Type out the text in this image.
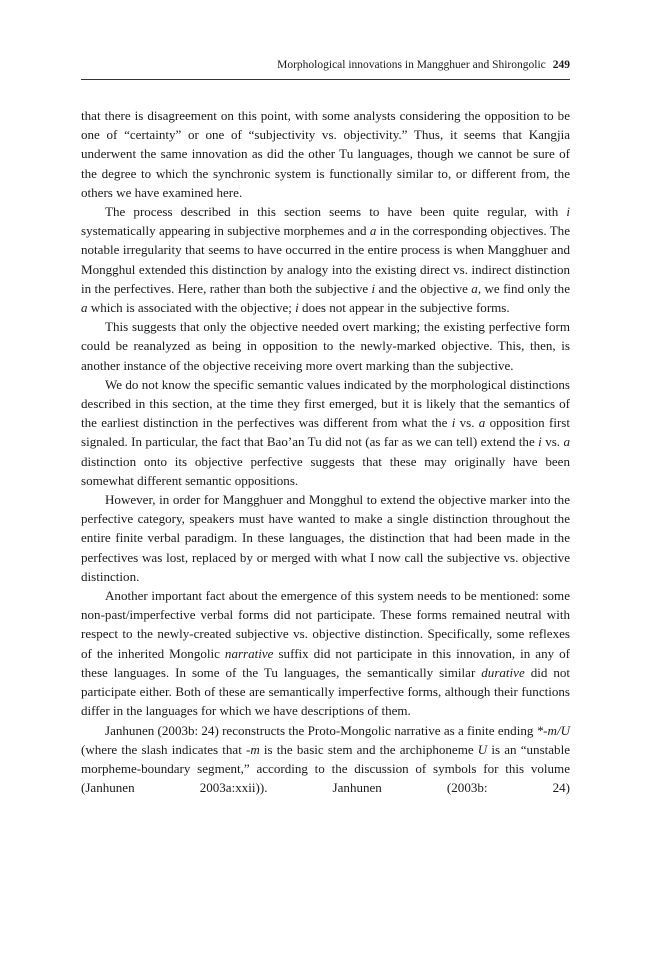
Morphological innovations in Mangghuer and Shirongolic 249

that there is disagreement on this point, with some analysts considering the opposition to be one of “certainty” or one of “subjectivity vs. objectivity.” Thus, it seems that Kangjia underwent the same innovation as did the other Tu languages, though we cannot be sure of the degree to which the synchronic system is functionally similar to, or different from, the others we have examined here.

The process described in this section seems to have been quite regular, with i systematically appearing in subjective morphemes and a in the corresponding objectives. The notable irregularity that seems to have occurred in the entire process is when Mangghuer and Mongghul extended this distinction by analogy into the existing direct vs. indirect distinction in the perfectives. Here, rather than both the subjective i and the objective a, we find only the a which is associated with the objective; i does not appear in the subjective forms.

This suggests that only the objective needed overt marking; the existing perfective form could be reanalyzed as being in opposition to the newly-marked objective. This, then, is another instance of the objective receiving more overt marking than the subjective.

We do not know the specific semantic values indicated by the morphological distinctions described in this section, at the time they first emerged, but it is likely that the semantics of the earliest distinction in the perfectives was different from what the i vs. a opposition first signaled. In particular, the fact that Bao’an Tu did not (as far as we can tell) extend the i vs. a distinction onto its objective perfective suggests that these may originally have been somewhat different semantic oppositions.

However, in order for Mangghuer and Mongghul to extend the objective marker into the perfective category, speakers must have wanted to make a single distinction throughout the entire finite verbal paradigm. In these languages, the distinction that had been made in the perfectives was lost, replaced by or merged with what I now call the subjective vs. objective distinction.

Another important fact about the emergence of this system needs to be mentioned: some non-past/imperfective verbal forms did not participate. These forms remained neutral with respect to the newly-created subjective vs. objective distinction. Specifically, some reflexes of the inherited Mongolic narrative suffix did not participate in this innovation, in any of these languages. In some of the Tu languages, the semantically similar durative did not participate either. Both of these are semantically imperfective forms, although their functions differ in the languages for which we have descriptions of them.

Janhunen (2003b: 24) reconstructs the Proto-Mongolic narrative as a finite ending *-m/U (where the slash indicates that -m is the basic stem and the archiphoneme U is an “unstable morpheme-boundary segment,” according to the discussion of symbols for this volume (Janhunen 2003a:xxii)). Janhunen (2003b: 24)
